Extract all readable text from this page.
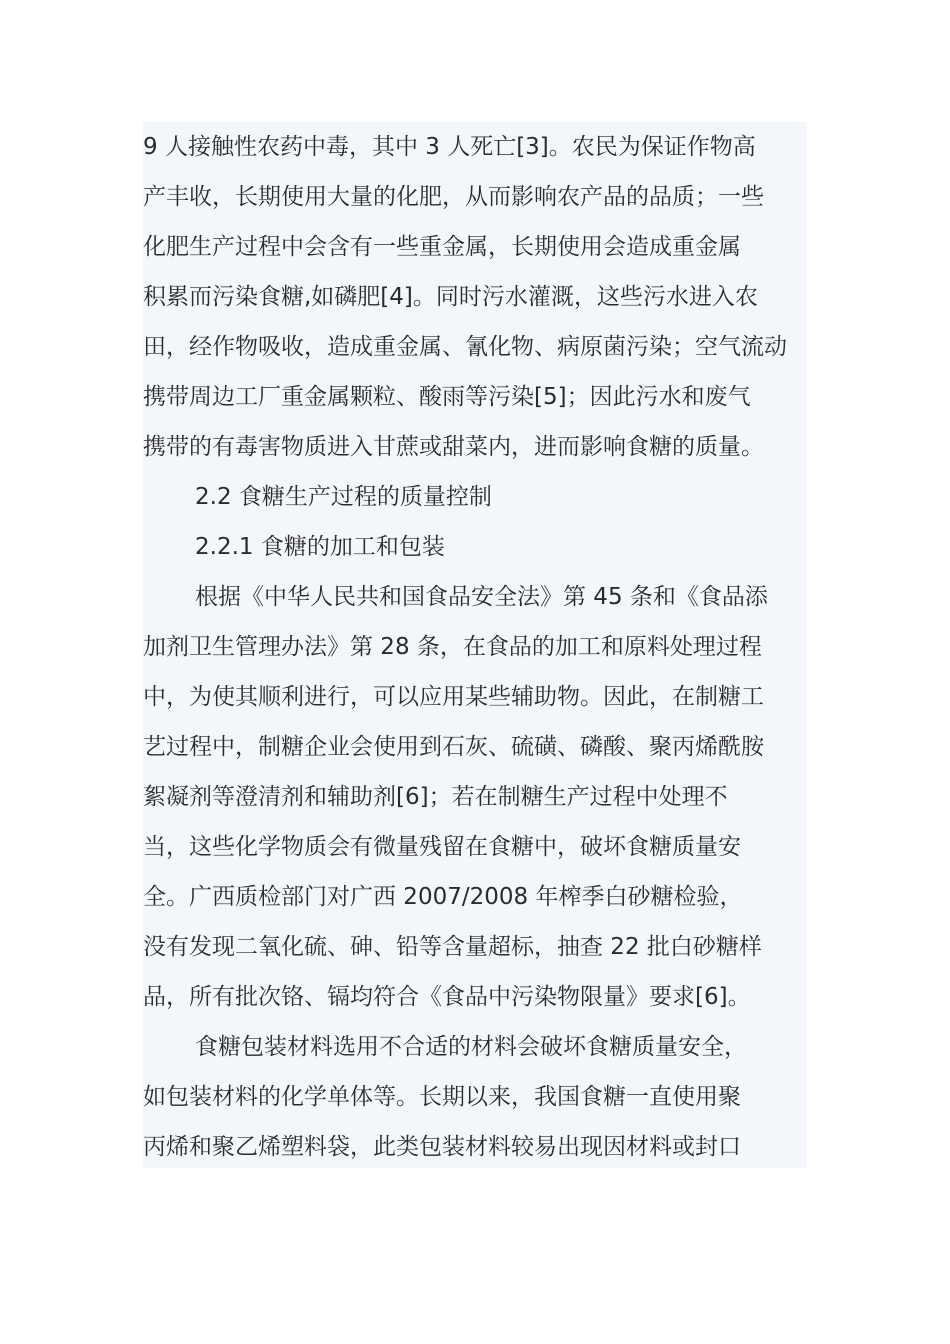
9 人接触性农药中毒，其中 3 人死亡[3]。农民为保证作物高
产丰收，长期使用大量的化肥，从而影响农产品的品质；一些
化肥生产过程中会含有一些重金属，长期使用会造成重金属
积累而污染食糖,如磷肥[4]。同时污水灌溉，这些污水进入农
田，经作物吸收，造成重金属、氰化物、病原菌污染；空气流动
携带周边工厂重金属颗粒、酸雨等污染[5]；因此污水和废气
携带的有毒害物质进入甘蔗或甜菜内，进而影响食糖的质量。
2.2 食糖生产过程的质量控制
2.2.1 食糖的加工和包装
根据《中华人民共和国食品安全法》第 45 条和《食品添
加剂卫生管理办法》第 28 条，在食品的加工和原料处理过程
中，为使其顺利进行，可以应用某些辅助物。因此，在制糖工
艺过程中，制糖企业会使用到石灰、硫磺、磷酸、聚丙烯酰胺
絮凝剂等澄清剂和辅助剂[6]；若在制糖生产过程中处理不
当，这些化学物质会有微量残留在食糖中，破坏食糖质量安
全。广西质检部门对广西 2007/2008 年榨季白砂糖检验，
没有发现二氧化硫、砷、铅等含量超标，抽查 22 批白砂糖样
品，所有批次铬、镉均符合《食品中污染物限量》要求[6]。
食糖包装材料选用不合适的材料会破坏食糖质量安全，
如包装材料的化学单体等。长期以来，我国食糖一直使用聚
丙烯和聚乙烯塑料袋，此类包装材料较易出现因材料或封口
